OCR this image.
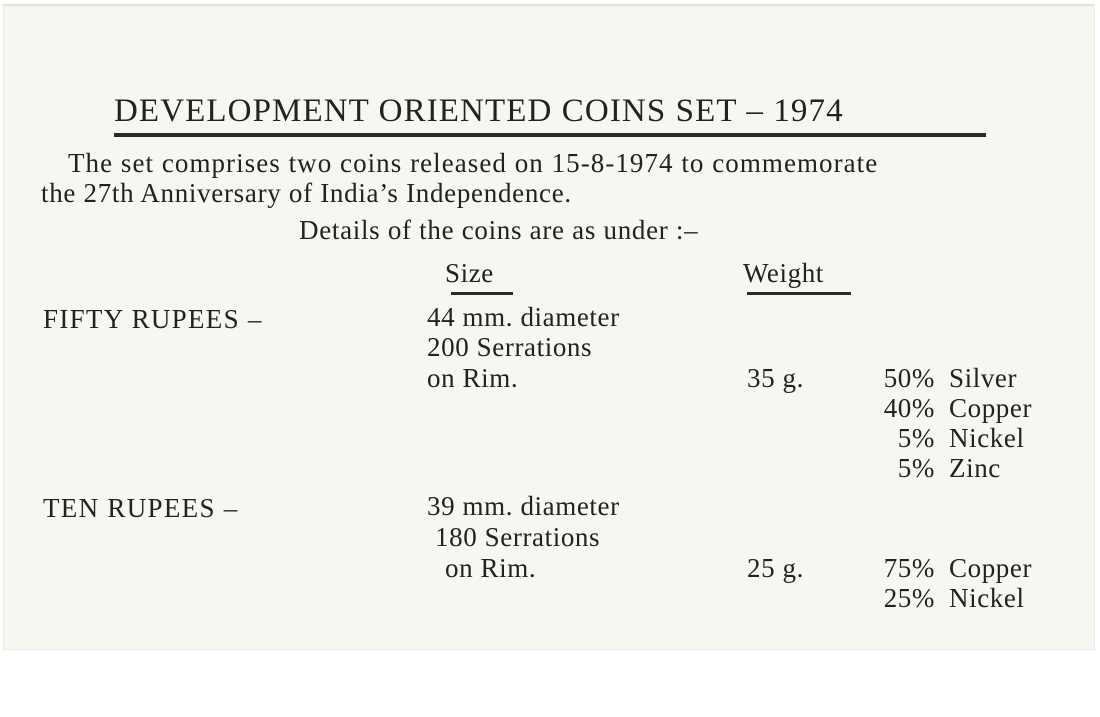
DEVELOPMENT ORIENTED COINS SET – 1974
The set comprises two coins released on 15-8-1974 to commemorate
the 27th Anniversary of India’s Independence.
Details of the coins are as under :–
Size	Weight
FIFTY RUPEES –	44 mm. diameter
200 Serrations
on Rim.	35 g.	50% Silver
40% Copper
5% Nickel
5% Zinc
TEN RUPEES –	39 mm. diameter
180 Serrations
on Rim.	25 g.	75% Copper
25% Nickel
